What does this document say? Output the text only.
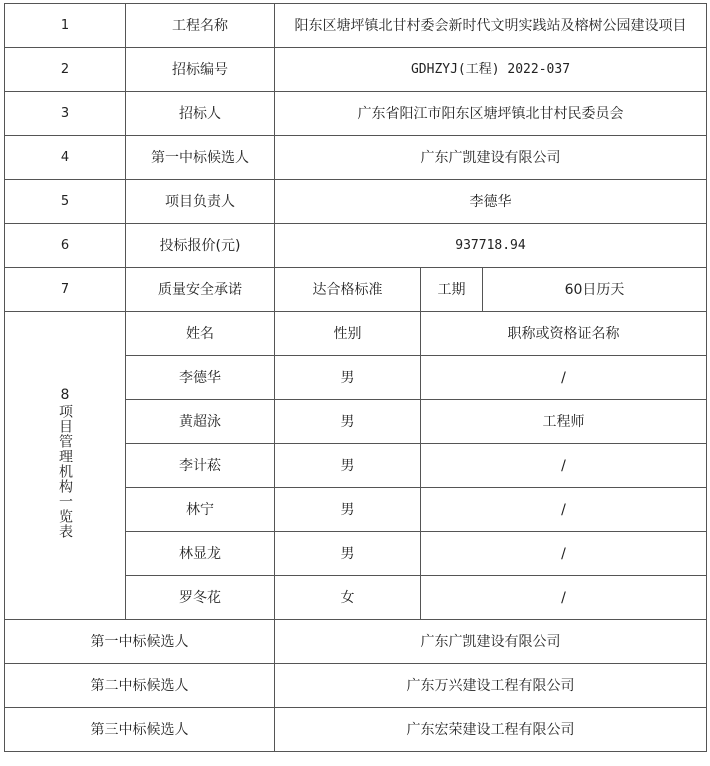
1	工程名称	阳东区塘坪镇北甘村委会新时代文明实践站及榕树公园建设项目		
2	招标编号	GDHZYJ(工程) 2022-037		
3	招标人	广东省阳江市阳东区塘坪镇北甘村民委员会		
4	第一中标候选人	广东广凯建设有限公司		
5	项目负责人	李德华		
6	投标报价(元)	937718.94		
7	质量安全承诺	达合格标准	工期	60日历天
8项目管理机构一览表	姓名	性别	职称或资格证名称	
	李德华	男	/	
	黄超泳	男	工程师	
	李计菘	男	/	
	林宁	男	/	
	林显龙	男	/	
	罗冬花	女	/	
第一中标候选人		广东广凯建设有限公司		
第二中标候选人		广东万兴建设工程有限公司		
第三中标候选人		广东宏荣建设工程有限公司		
